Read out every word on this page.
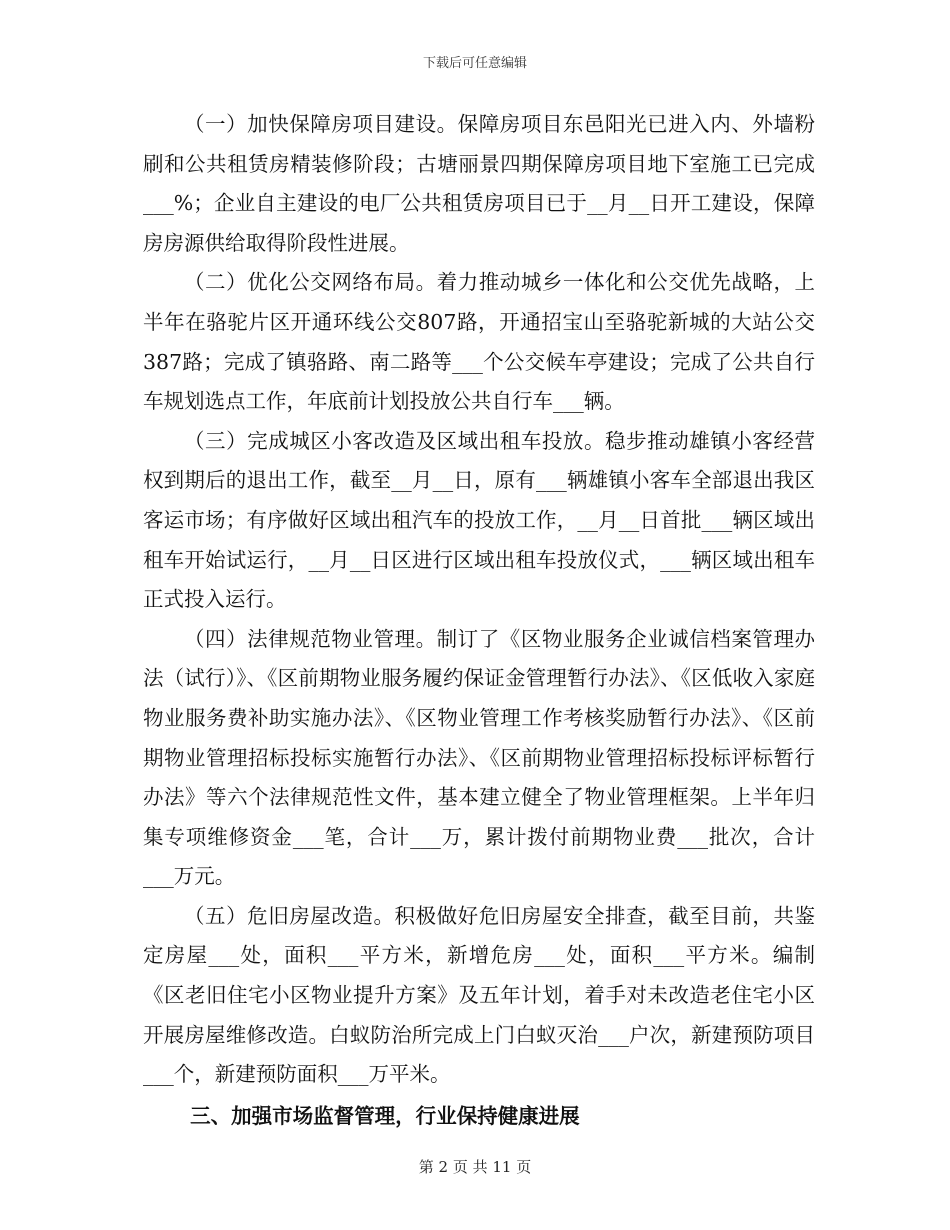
下载后可任意编辑

（一）加快保障房项目建设。保障房项目东邑阳光已进入内、外墙粉刷和公共租赁房精装修阶段；古塘丽景四期保障房项目地下室施工已完成___%；企业自主建设的电厂公共租赁房项目已于__月__日开工建设，保障房房源供给取得阶段性进展。

（二）优化公交网络布局。着力推动城乡一体化和公交优先战略，上半年在骆驼片区开通环线公交807路，开通招宝山至骆驼新城的大站公交387路；完成了镇骆路、南二路等___个公交候车亭建设；完成了公共自行车规划选点工作，年底前计划投放公共自行车___辆。

（三）完成城区小客改造及区域出租车投放。稳步推动雄镇小客经营权到期后的退出工作，截至__月__日，原有___辆雄镇小客车全部退出我区客运市场；有序做好区域出租汽车的投放工作，__月__日首批___辆区域出租车开始试运行，__月__日区进行区域出租车投放仪式，___辆区域出租车正式投入运行。

（四）法律规范物业管理。制订了《区物业服务企业诚信档案管理办法（试行）》、《区前期物业服务履约保证金管理暂行办法》、《区低收入家庭物业服务费补助实施办法》、《区物业管理工作考核奖励暂行办法》、《区前期物业管理招标投标实施暂行办法》、《区前期物业管理招标投标评标暂行办法》等六个法律规范性文件，基本建立健全了物业管理框架。上半年归集专项维修资金___笔，合计___万，累计拨付前期物业费___批次，合计___万元。

（五）危旧房屋改造。积极做好危旧房屋安全排查，截至目前，共鉴定房屋___处，面积___平方米，新增危房___处，面积___平方米。编制《区老旧住宅小区物业提升方案》及五年计划，着手对未改造老住宅小区开展房屋维修改造。白蚁防治所完成上门白蚁灭治___户次，新建预防项目___个，新建预防面积___万平米。

三、加强市场监督管理，行业保持健康进展

第 2 页 共 11 页
